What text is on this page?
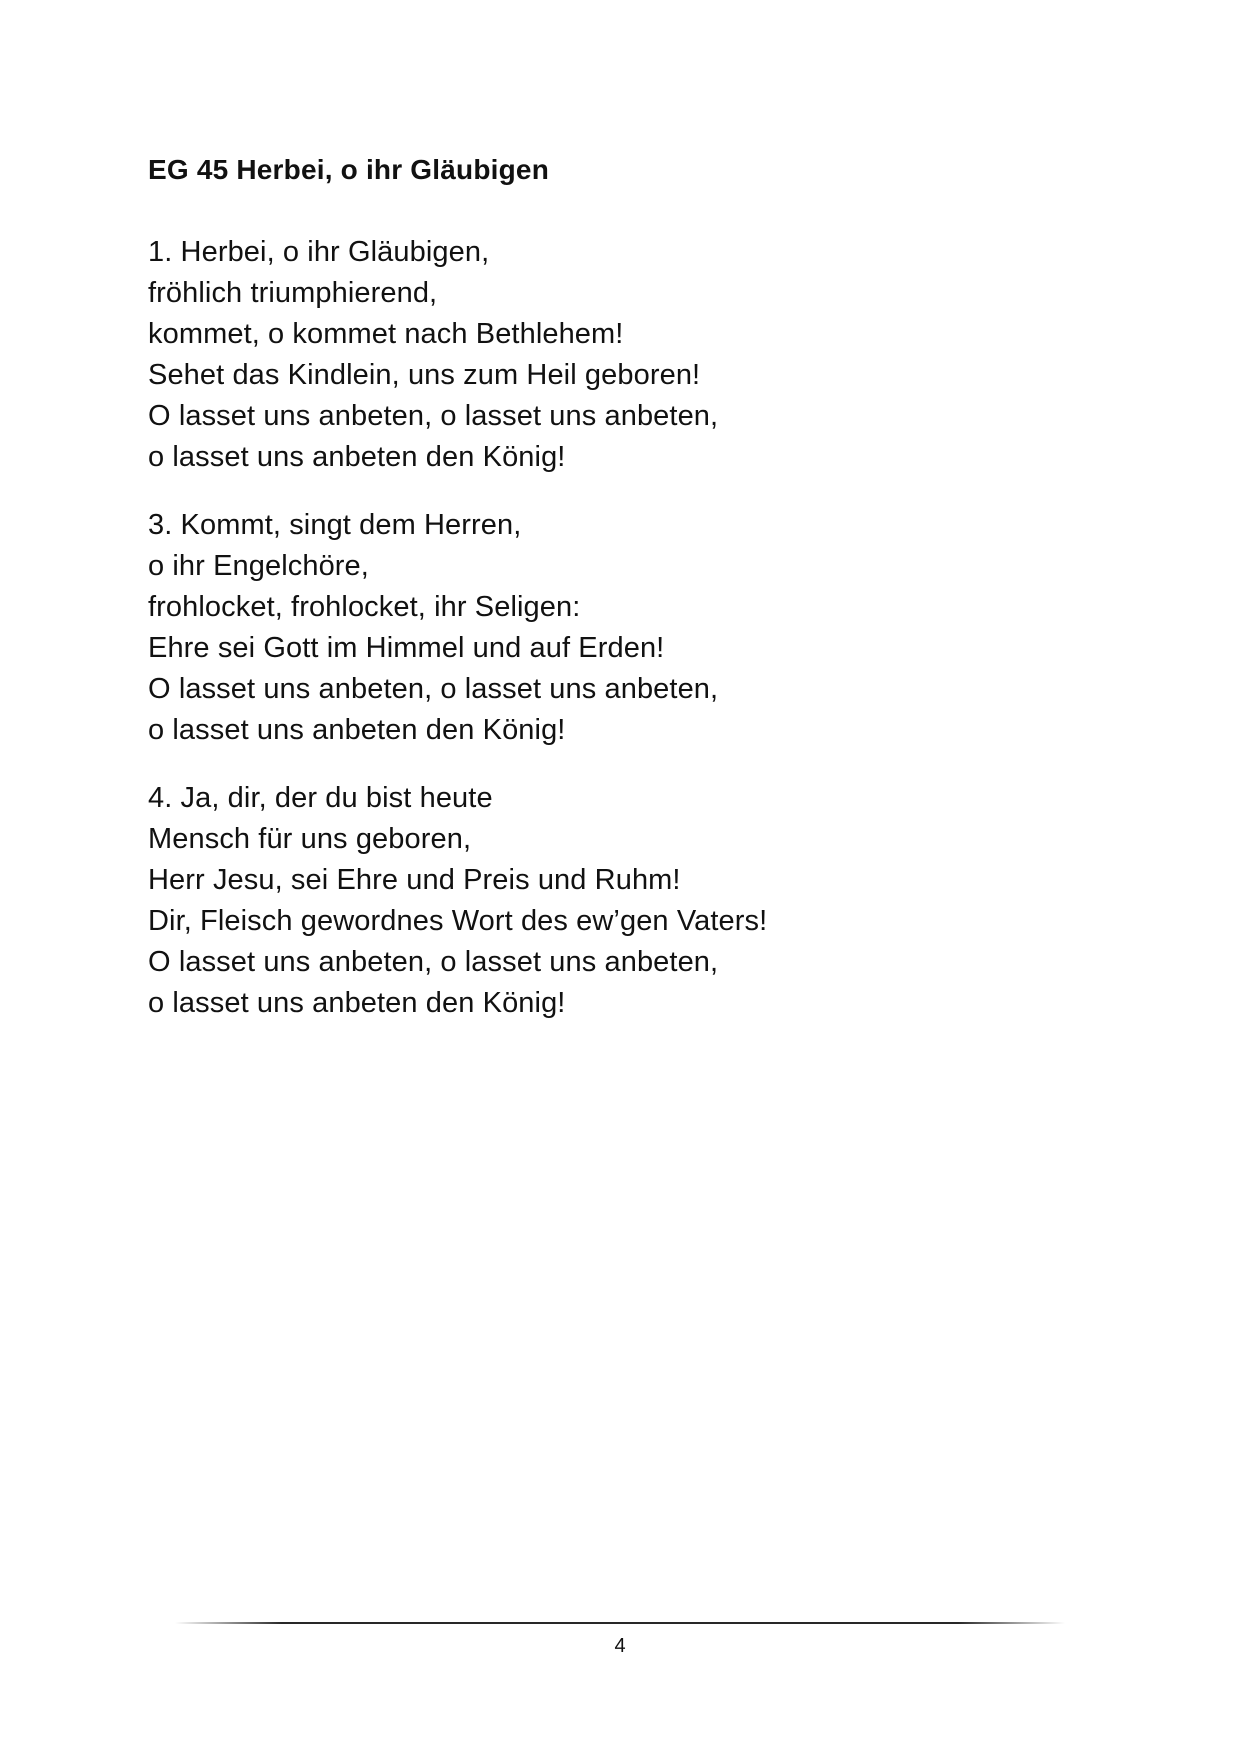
EG 45 Herbei, o ihr Gläubigen
1. Herbei, o ihr Gläubigen,
fröhlich triumphierend,
kommet, o kommet nach Bethlehem!
Sehet das Kindlein, uns zum Heil geboren!
O lasset uns anbeten, o lasset uns anbeten,
o lasset uns anbeten den König!
3. Kommt, singt dem Herren,
o ihr Engelchöre,
frohlocket, frohlocket, ihr Seligen:
Ehre sei Gott im Himmel und auf Erden!
O lasset uns anbeten, o lasset uns anbeten,
o lasset uns anbeten den König!
4. Ja, dir, der du bist heute
Mensch für uns geboren,
Herr Jesu, sei Ehre und Preis und Ruhm!
Dir, Fleisch gewordnes Wort des ew’gen Vaters!
O lasset uns anbeten, o lasset uns anbeten,
o lasset uns anbeten den König!
4
